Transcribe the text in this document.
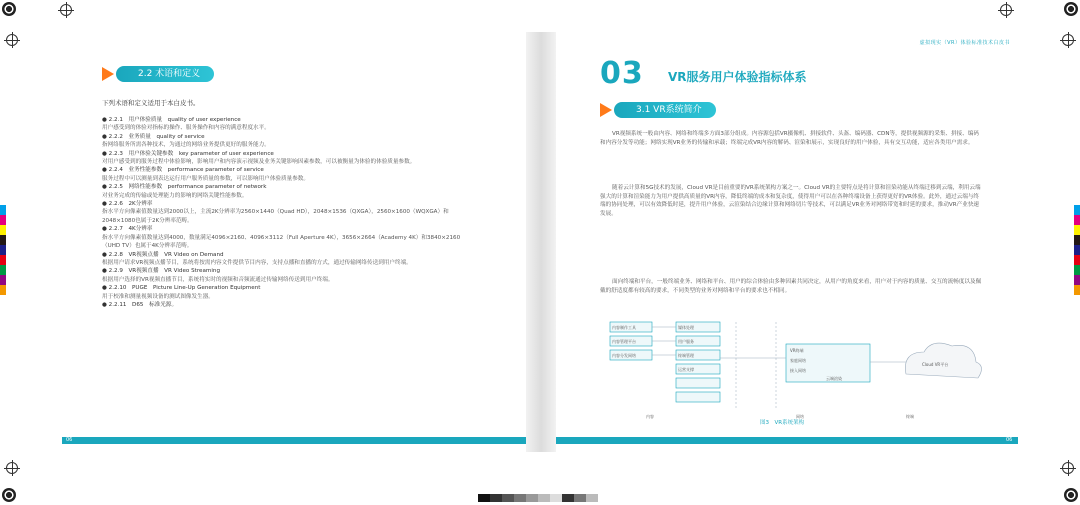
2.2 术语和定义
下列术语和定义适用于本白皮书。
● 2.2.1　用户体验质量　quality of user experience
用户感受到的体验对指标的操作、服务操作和内容的满意程度水平。
● 2.2.2　业务质量　quality of service
指网络服务所需各种技术，为通过的网络业务提供更好的服务能力。
● 2.2.3　用户体验关键参数　key parameter of user experience
对用户感受到的服务过程中体验影响，影响用户和内容演示视频及业务关键影响因素参数，可以被衡量为体验的体验质量参数。
● 2.2.4　业务性能参数　performance parameter of service
服务过程中可以测量到表达运行用户服务质量的参数，可以影响用户体验质量参数。
● 2.2.5　网络性能参数　performance parameter of network
对业务完成的传输或处理能力的影响的网络关键性能参数。
● 2.2.6　2K分辨率
指水平方向像素值数量达到2000以上，主流2K分辨率为2560×1440（Quad HD），2048×1536（QXGA），2560×1600（WQXGA）和2048×1080也属于2K分辨率范畴。
● 2.2.7　4K分辨率
指水平方向像素值数量达到4000，数量满足4096×2160、4096×3112（Full Aperture 4K），3656×2664（Academy 4K）和3840×2160（UHD TV）也属于4K分辨率范畴。
● 2.2.8　VR视频点播　VR Video on Demand
根据用户请求VR视频点播节目，系统将按需内容文件提供节目内容，支持点播和直播的方式，通过传输网络传送到用户终端。
● 2.2.9　VR视频直播　VR Video Streaming
根据用户选择的VR视频直播节目，系统将实时的视频和音频流通过传输网络传送到用户终端。
● 2.2.10　PUGE　Picture Line-Up Generation Equipment
用于校准和测量视频设备的测试图像发生器。
● 2.2.11　D65　标准光源。
06
虚拟现实（VR）体验标准技术白皮书
03 VR服务用户体验指标体系
3.1 VR系统简介
VR视频系统一般由内容、网络和终端多方面3部分组成。内容源包括VR摄像机、拼接软件、头盔、编码器、CDN等，提供视频源的采集、拼接、编码和内容分发等功能；网络实现VR业务的传输和承载；终端完成VR内容的解码、渲染和展示，实现良好的用户体验，具有交互功能，适应各类用户需求。
随着云计算和5G技术的发展，Cloud VR是目前重要的VR系统架构方案之一。Cloud VR的主要特点是将计算和渲染功能从终端迁移到云端，利用云端强大的计算和渲染能力为用户提供高质量的VR内容，降低终端的成本和复杂度，使得用户可以在各种终端设备上获得更好的VR体验。此外，通过云端与终端的协同处理，可以有效降低时延，提升用户体验，云渲染结合边缘计算和网络切片等技术，可以满足VR业务对网络带宽和时延的要求，推动VR产业快速发展。
面向终端和平台，一般终端业务、网络和平台、用户的综合体验由多种因素共同决定，从用户的角度来看，用户对于内容的质量、交互的流畅度以及佩戴的舒适度都有较高的要求，不同类型的业务对网络和平台的要求也不相同。
内容制作工具
内容管理平台
内容分发网络
媒体处理
用户服务
终端管理
运营支撑
VR终端
家庭网络
接入网络
云端渲染
Cloud VR平台
内容	网络	终端
图3　VR系统架构
06
